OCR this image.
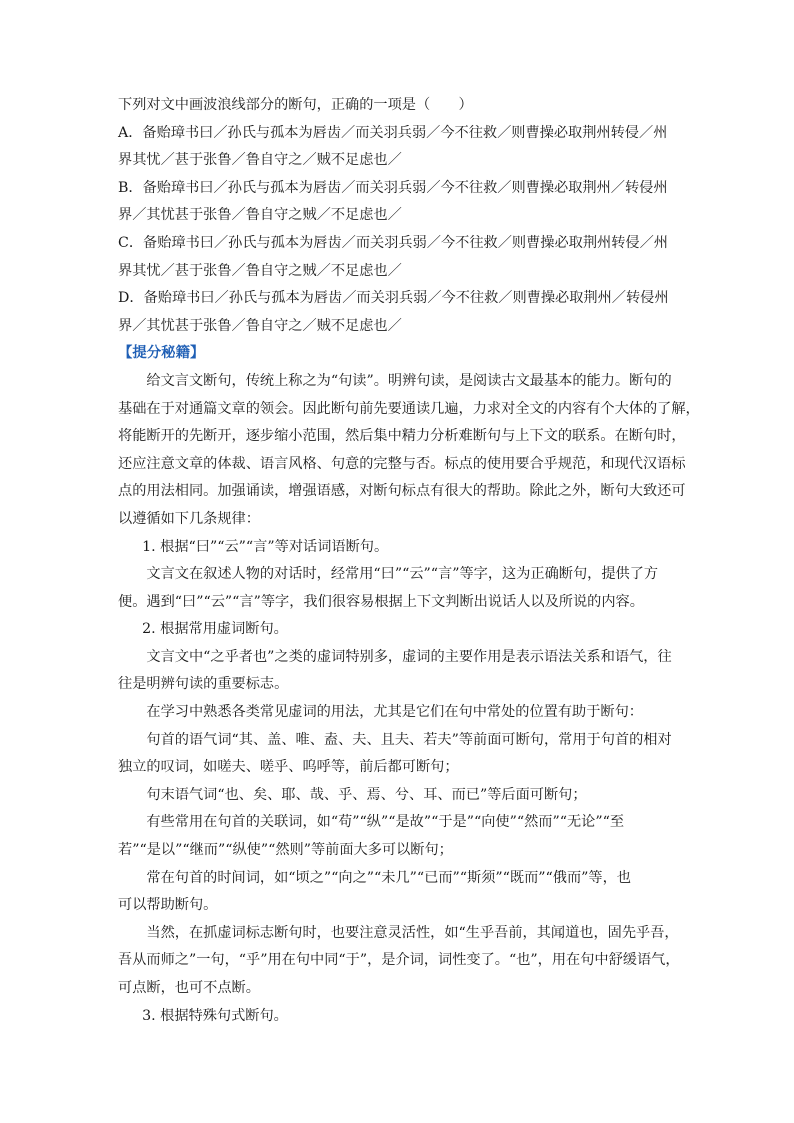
下列对文中画波浪线部分的断句，正确的一项是（　　）

A．备贻璋书曰／孙氏与孤本为唇齿／而关羽兵弱／今不往救／则曹操必取荆州转侵／州

界其忧／甚于张鲁／鲁自守之／贼不足虑也／

B．备贻璋书曰／孙氏与孤本为唇齿／而关羽兵弱／今不往救／则曹操必取荆州／转侵州

界／其忧甚于张鲁／鲁自守之贼／不足虑也／

C．备贻璋书曰／孙氏与孤本为唇齿／而关羽兵弱／今不往救／则曹操必取荆州转侵／州

界其忧／甚于张鲁／鲁自守之贼／不足虑也／

D．备贻璋书曰／孙氏与孤本为唇齿／而关羽兵弱／今不往救／则曹操必取荆州／转侵州

界／其忧甚于张鲁／鲁自守之／贼不足虑也／

【提分秘籍】

给文言文断句，传统上称之为“句读”。明辨句读，是阅读古文最基本的能力。断句的

基础在于对通篇文章的领会。因此断句前先要通读几遍，力求对全文的内容有个大体的了解，

将能断开的先断开，逐步缩小范围，然后集中精力分析难断句与上下文的联系。在断句时，

还应注意文章的体裁、语言风格、句意的完整与否。标点的使用要合乎规范，和现代汉语标

点的用法相同。加强诵读，增强语感，对断句标点有很大的帮助。除此之外，断句大致还可

以遵循如下几条规律：

1. 根据“曰”“云”“言”等对话词语断句。

文言文在叙述人物的对话时，经常用“曰”“云”“言”等字，这为正确断句，提供了方

便。遇到“曰”“云”“言”等字，我们很容易根据上下文判断出说话人以及所说的内容。

2. 根据常用虚词断句。

文言文中“之乎者也”之类的虚词特别多，虚词的主要作用是表示语法关系和语气，往

往是明辨句读的重要标志。

在学习中熟悉各类常见虚词的用法，尤其是它们在句中常处的位置有助于断句：

句首的语气词“其、盖、唯、盍、夫、且夫、若夫”等前面可断句，常用于句首的相对

独立的叹词，如嗟夫、嗟乎、呜呼等，前后都可断句；

句末语气词“也、矣、耶、哉、乎、焉、兮、耳、而已”等后面可断句；

有些常用在句首的关联词，如“苟”“纵”“是故”“于是”“向使”“然而”“无论”“至

若”“是以”“继而”“纵使”“然则”等前面大多可以断句；

常在句首的时间词，如“顷之”“向之”“未几”“已而”“斯须”“既而”“俄而”等，也

可以帮助断句。

当然，在抓虚词标志断句时，也要注意灵活性，如“生乎吾前，其闻道也，固先乎吾，

吾从而师之”一句，“乎”用在句中同“于”，是介词，词性变了。“也”，用在句中舒缓语气，

可点断，也可不点断。

3. 根据特殊句式断句。
